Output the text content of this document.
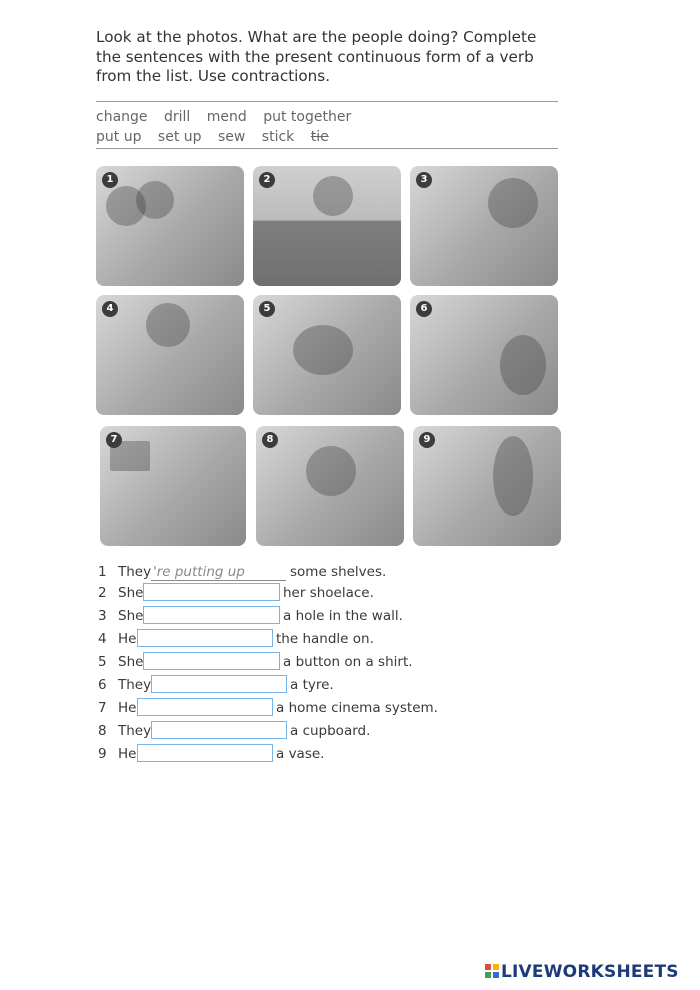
Look at the photos. What are the people doing? Complete the sentences with the present continuous form of a verb from the list. Use contractions.
change drill mend put together
put up set up sew stick tie
1	2	3
4	5	6
7	8	9
1 They 're putting up	some shelves.
2 She	her shoelace.
3 She	a hole in the wall.
4 He	the handle on.
5 She	a button on a shirt.
6 They	a tyre.
7 He	a home cinema system.
8 They	a cupboard.
9 He	a vase.
LIVEWORKSHEETS
